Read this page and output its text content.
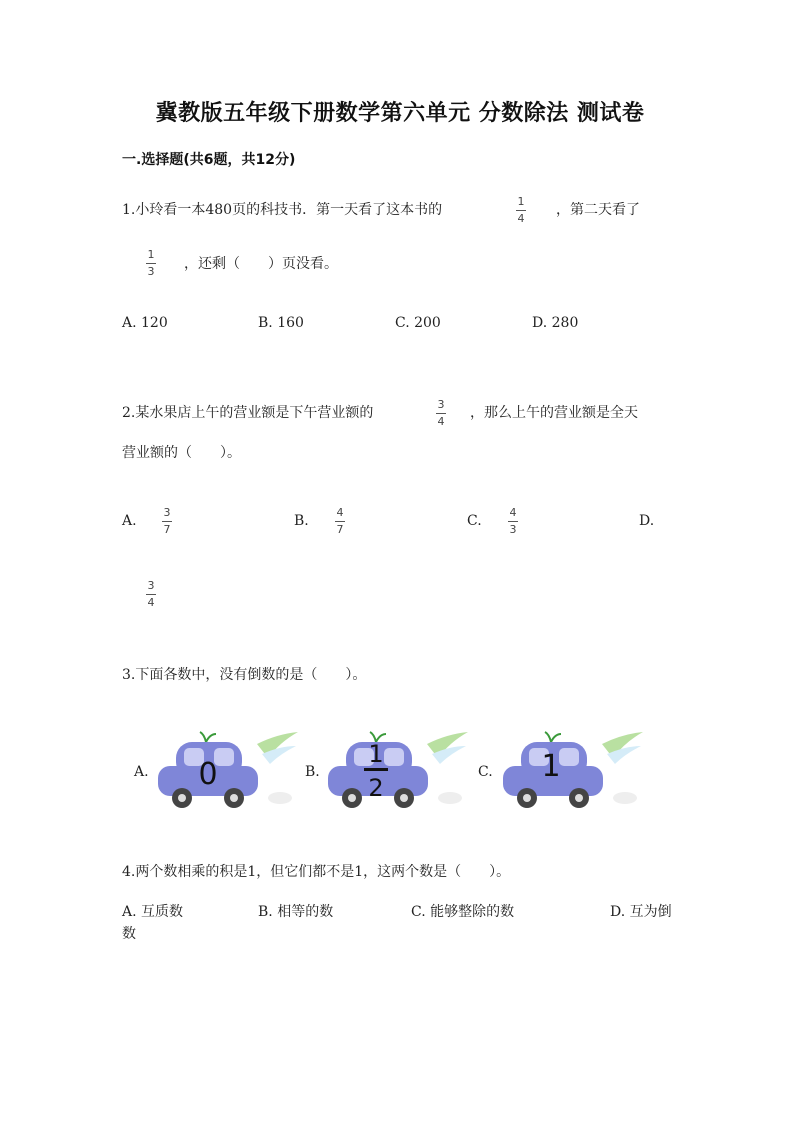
冀教版五年级下册数学第六单元 分数除法 测试卷
一.选择题(共6题，共12分)
1.小玲看一本480页的科技书．第一天看了这本书的
1
4
，第二天看了
1
3 ，还剩（　　）页没看。
A. 120	B. 160	C. 200	D. 280
2.某水果店上午的营业额是下午营业额的
3
4
，那么上午的营业额是全天
营业额的（　　）。
A.
3
7
B.
4
7
C.
4
3
D.
3
4
3.下面各数中，没有倒数的是（　　）。
A. 0	B.
1
2
C. 1
4.两个数相乘的积是1，但它们都不是1，这两个数是（　　）。
A. 互质数	B. 相等的数	C. 能够整除的数	D. 互为倒
数
